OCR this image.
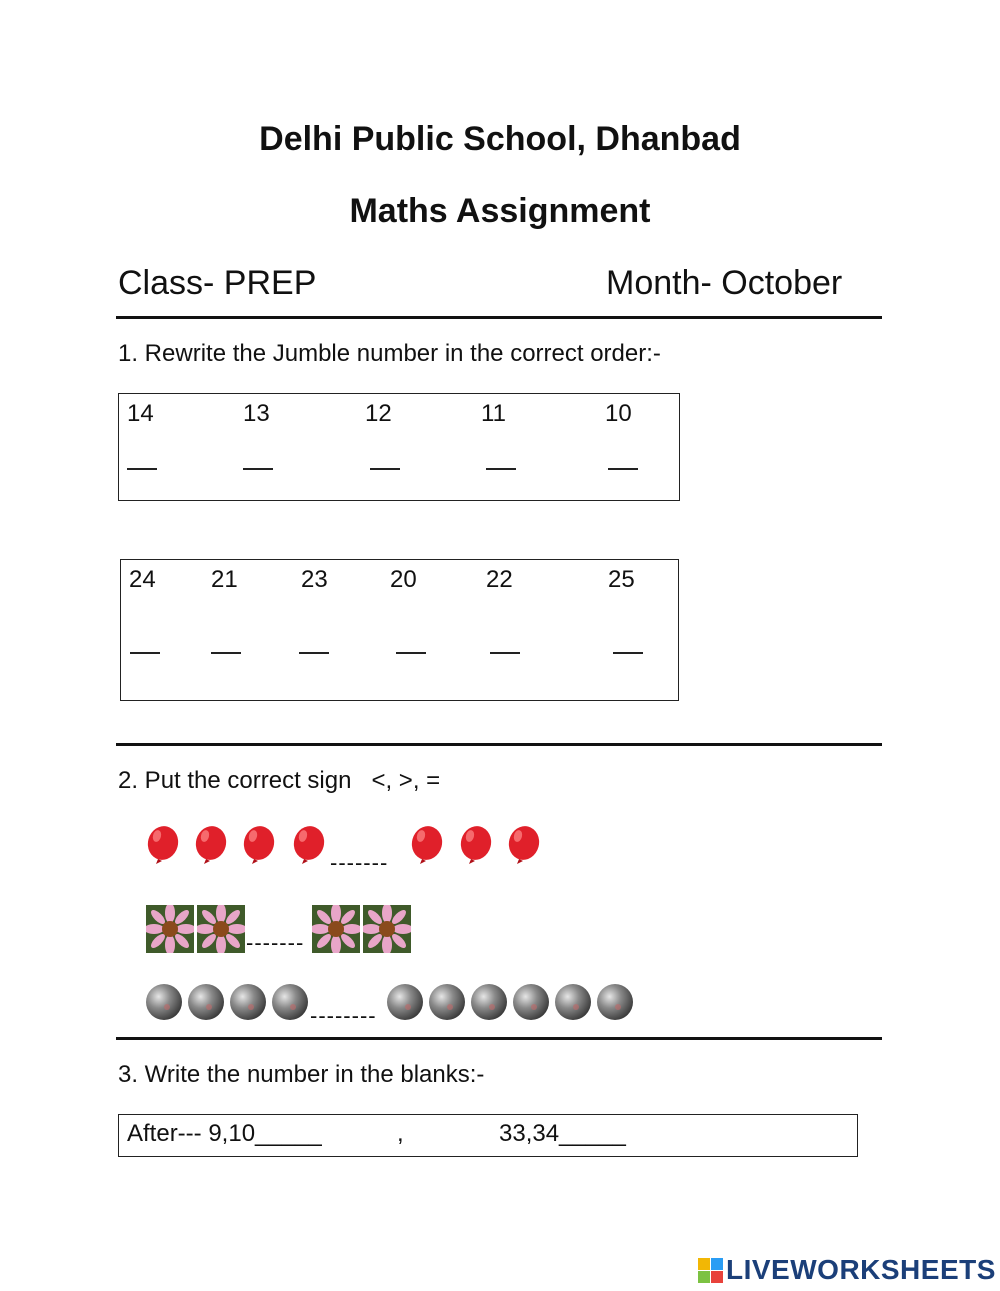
Delhi Public School, Dhanbad
Maths Assignment
Class- PREP	Month- October
1. Rewrite the Jumble number in the correct order:-
14	13	12	11	10
24 21	23	20	22	25
2. Put the correct sign   <, >, =
-------
-------
--------
3. Write the number in the blanks:-
After--- 9,10_____	,	33,34_____
LIVEWORKSHEETS
